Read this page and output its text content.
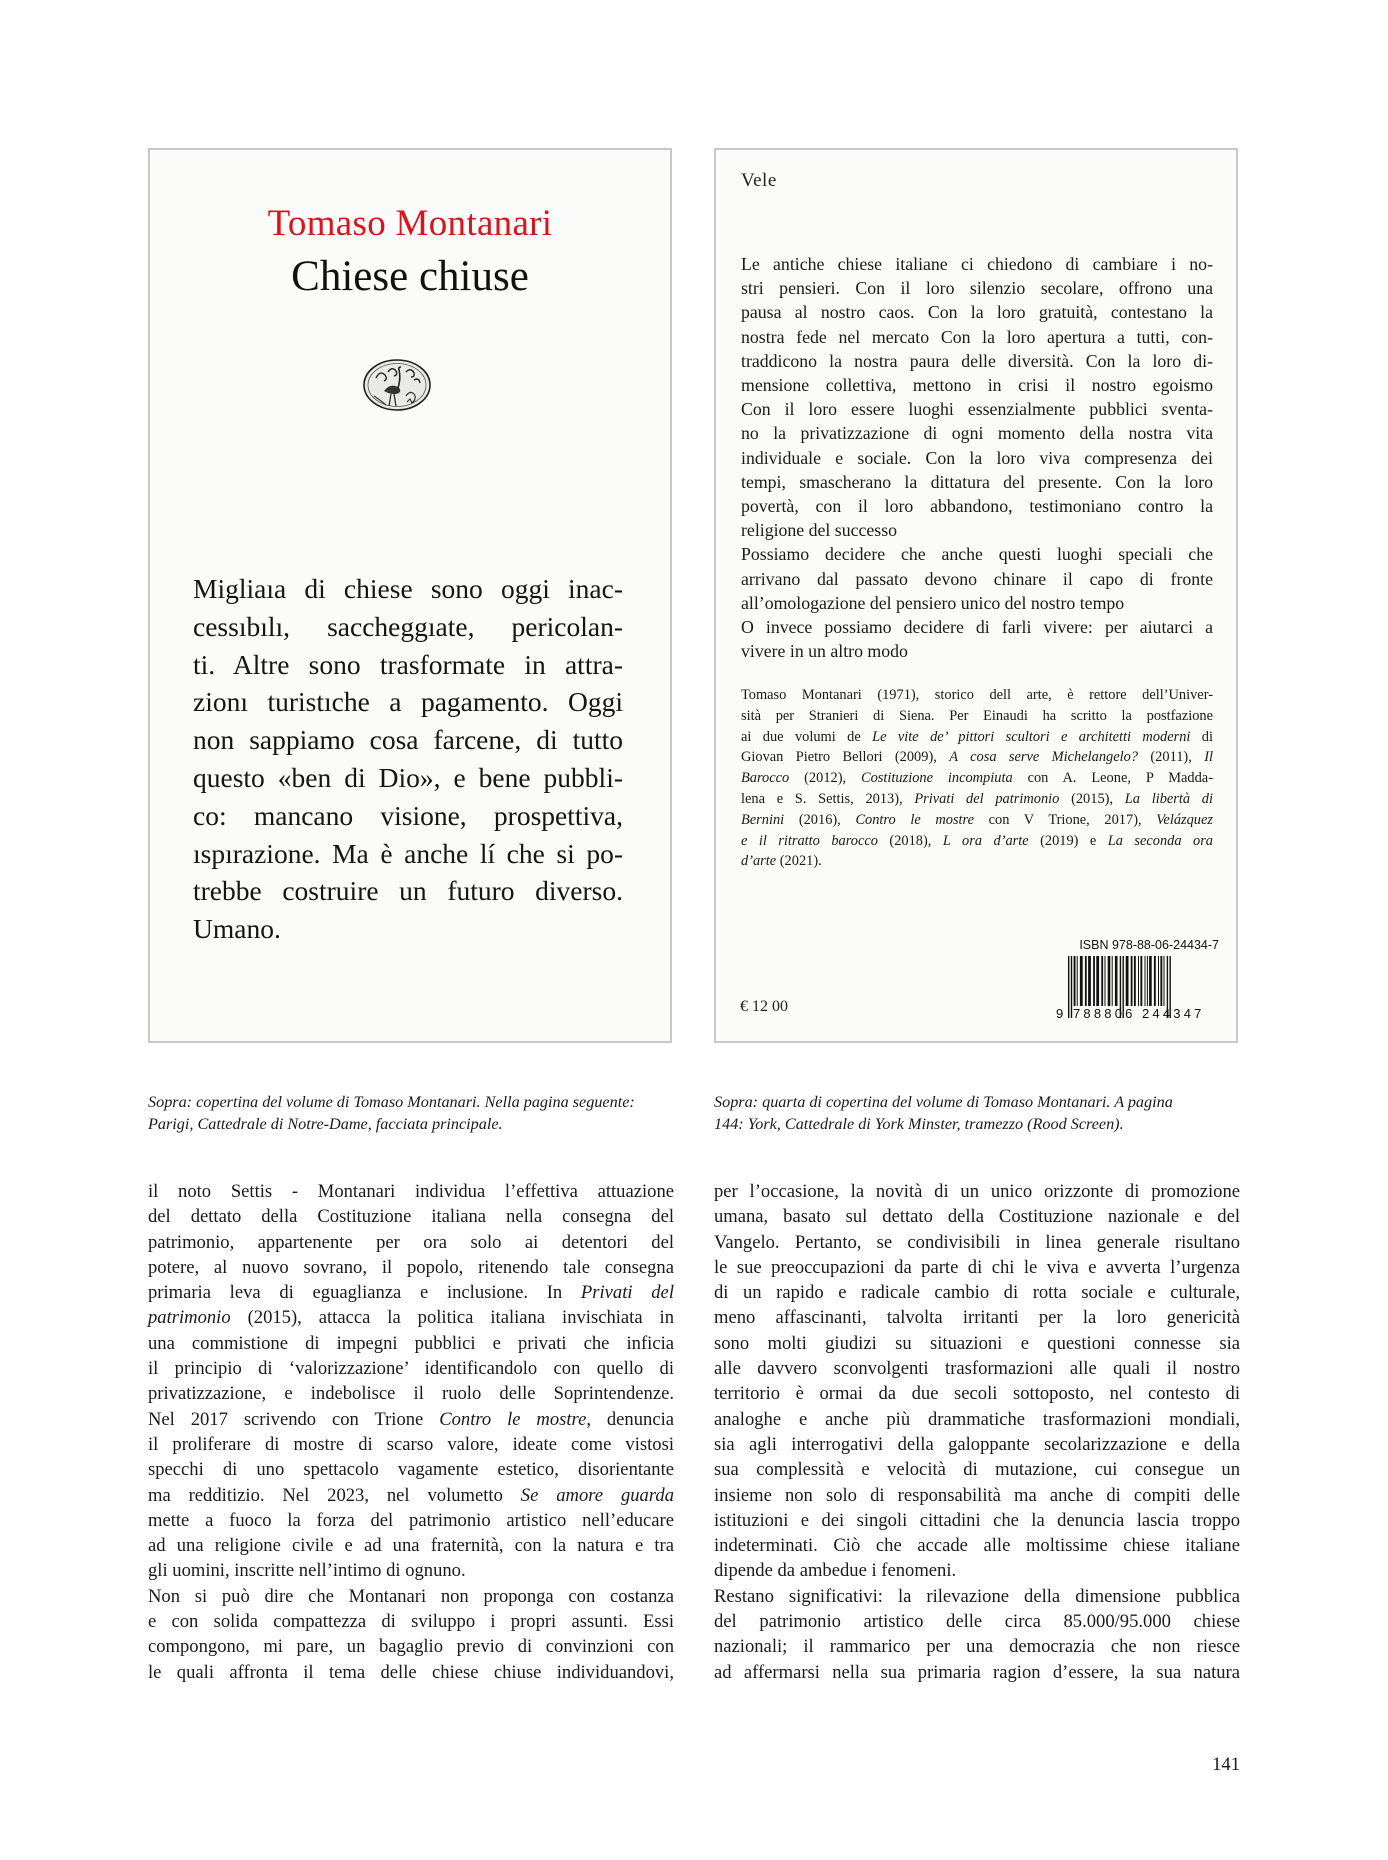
Tomaso Montanari
Chiese chiuse
Migliaıa di chiese sono oggi inac-
cessıbılı, saccheggıate, pericolan-
ti. Altre sono trasformate in attra-
zionı turistıche a pagamento. Oggi
non sappiamo cosa farcene, di tutto
questo «ben di Dio», e bene pubbli-
co: mancano visione, prospettiva,
ıspırazione. Ma è anche lí che si po-
trebbe costruire un futuro diverso.
Umano.
Vele
Le antiche chiese italiane ci chiedono di cambiare i no-
stri pensieri. Con il loro silenzio secolare, offrono una
pausa al nostro caos. Con la loro gratuità, contestano la
nostra fede nel mercato Con la loro apertura a tutti, con-
traddicono la nostra paura delle diversità. Con la loro di-
mensione collettiva, mettono in crisi il nostro egoismo
Con il loro essere luoghi essenzialmente pubblici sventa-
no la privatizzazione di ogni momento della nostra vita
individuale e sociale. Con la loro viva compresenza dei
tempi, smascherano la dittatura del presente. Con la loro
povertà, con il loro abbandono, testimoniano contro la
religione del successo
Possiamo decidere che anche questi luoghi speciali che
arrivano dal passato devono chinare il capo di fronte
all’omologazione del pensiero unico del nostro tempo
O invece possiamo decidere di farli vivere: per aiutarci a
vivere in un altro modo
Tomaso Montanari (1971), storico dell arte, è rettore dell’Univer-
sità per Stranieri di Siena. Per Einaudi ha scritto la postfazione
ai due volumi de Le vite de’ pittori scultori e architetti moderni di
Giovan Pietro Bellori (2009), A cosa serve Michelangelo? (2011), Il
Barocco (2012), Costituzione incompiuta con A. Leone, P Madda-
lena e S. Settis, 2013), Privati del patrimonio (2015), La libertà di
Bernini (2016), Contro le mostre con V Trione, 2017), Velázquez
e il ritratto barocco (2018), L ora d’arte (2019) e La seconda ora
d’arte (2021).
ISBN 978-88-06-24434-7
9 788806 244347
€ 12 00
Sopra: copertina del volume di Tomaso Montanari. Nella pagina seguente:
Parigi, Cattedrale di Notre-Dame, facciata principale.
Sopra: quarta di copertina del volume di Tomaso Montanari. A pagina
144: York, Cattedrale di York Minster, tramezzo (Rood Screen).
il noto Settis - Montanari individua l’effettiva attuazione
del dettato della Costituzione italiana nella consegna del
patrimonio, appartenente per ora solo ai detentori del
potere, al nuovo sovrano, il popolo, ritenendo tale consegna
primaria leva di eguaglianza e inclusione. In Privati del
patrimonio (2015), attacca la politica italiana invischiata in
una commistione di impegni pubblici e privati che inficia
il principio di ‘valorizzazione’ identificandolo con quello di
privatizzazione, e indebolisce il ruolo delle Soprintendenze.
Nel 2017 scrivendo con Trione Contro le mostre, denuncia
il proliferare di mostre di scarso valore, ideate come vistosi
specchi di uno spettacolo vagamente estetico, disorientante
ma redditizio. Nel 2023, nel volumetto Se amore guarda
mette a fuoco la forza del patrimonio artistico nell’educare
ad una religione civile e ad una fraternità, con la natura e tra
gli uomini, inscritte nell’intimo di ognuno.
Non si può dire che Montanari non proponga con costanza
e con solida compattezza di sviluppo i propri assunti. Essi
compongono, mi pare, un bagaglio previo di convinzioni con
le quali affronta il tema delle chiese chiuse individuandovi,
per l’occasione, la novità di un unico orizzonte di promozione
umana, basato sul dettato della Costituzione nazionale e del
Vangelo. Pertanto, se condivisibili in linea generale risultano
le sue preoccupazioni da parte di chi le viva e avverta l’urgenza
di un rapido e radicale cambio di rotta sociale e culturale,
meno affascinanti, talvolta irritanti per la loro genericità
sono molti giudizi su situazioni e questioni connesse sia
alle davvero sconvolgenti trasformazioni alle quali il nostro
territorio è ormai da due secoli sottoposto, nel contesto di
analoghe e anche più drammatiche trasformazioni mondiali,
sia agli interrogativi della galoppante secolarizzazione e della
sua complessità e velocità di mutazione, cui consegue un
insieme non solo di responsabilità ma anche di compiti delle
istituzioni e dei singoli cittadini che la denuncia lascia troppo
indeterminati. Ciò che accade alle moltissime chiese italiane
dipende da ambedue i fenomeni.
Restano significativi: la rilevazione della dimensione pubblica
del patrimonio artistico delle circa 85.000/95.000 chiese
nazionali; il rammarico per una democrazia che non riesce
ad affermarsi nella sua primaria ragion d’essere, la sua natura
141
